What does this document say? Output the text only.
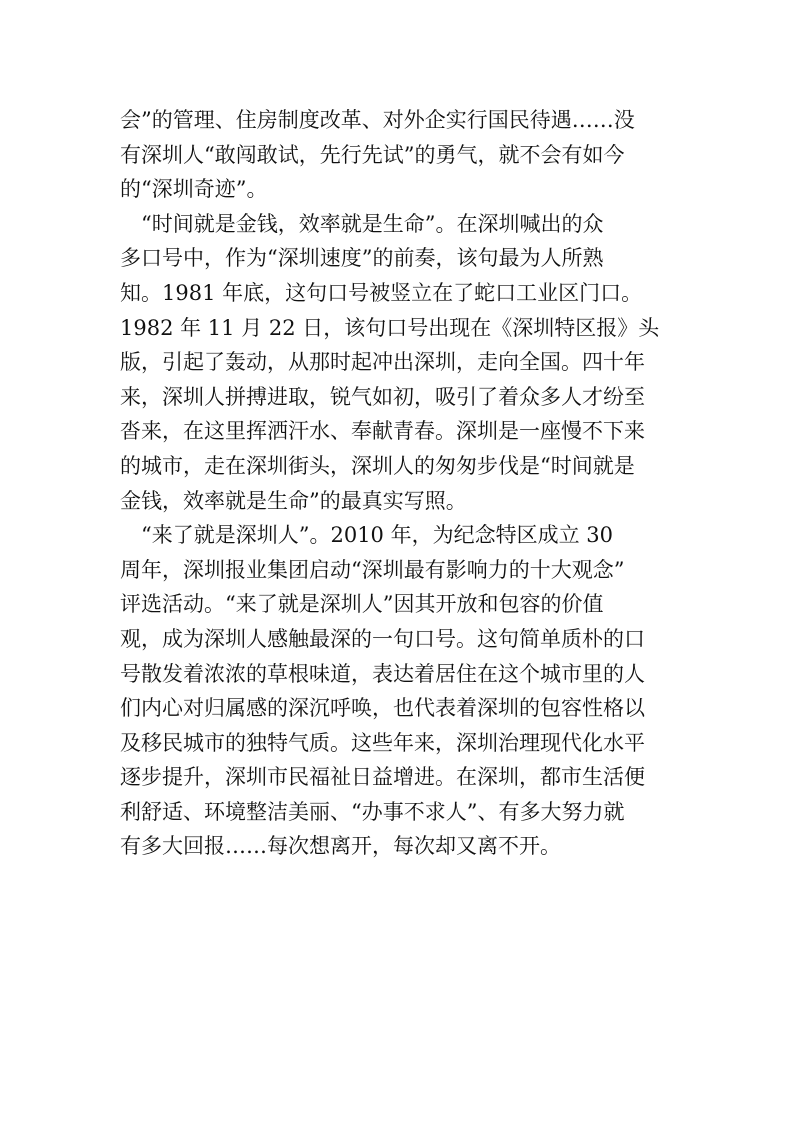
会”的管理、住房制度改革、对外企实行国民待遇……没
有深圳人“敢闯敢试，先行先试”的勇气，就不会有如今
的“深圳奇迹”。
　“时间就是金钱，效率就是生命”。在深圳喊出的众
多口号中，作为“深圳速度”的前奏，该句最为人所熟
知。1981 年底，这句口号被竖立在了蛇口工业区门口。
1982 年 11 月 22 日，该句口号出现在《深圳特区报》头
版，引起了轰动，从那时起冲出深圳，走向全国。四十年
来，深圳人拼搏进取，锐气如初，吸引了着众多人才纷至
沓来，在这里挥洒汗水、奉献青春。深圳是一座慢不下来
的城市，走在深圳街头，深圳人的匆匆步伐是“时间就是
金钱，效率就是生命”的最真实写照。
　“来了就是深圳人”。2010 年，为纪念特区成立 30
周年，深圳报业集团启动“深圳最有影响力的十大观念”
评选活动。“来了就是深圳人”因其开放和包容的价值
观，成为深圳人感触最深的一句口号。这句简单质朴的口
号散发着浓浓的草根味道，表达着居住在这个城市里的人
们内心对归属感的深沉呼唤，也代表着深圳的包容性格以
及移民城市的独特气质。这些年来，深圳治理现代化水平
逐步提升，深圳市民福祉日益增进。在深圳，都市生活便
利舒适、环境整洁美丽、“办事不求人”、有多大努力就
有多大回报……每次想离开，每次却又离不开。
